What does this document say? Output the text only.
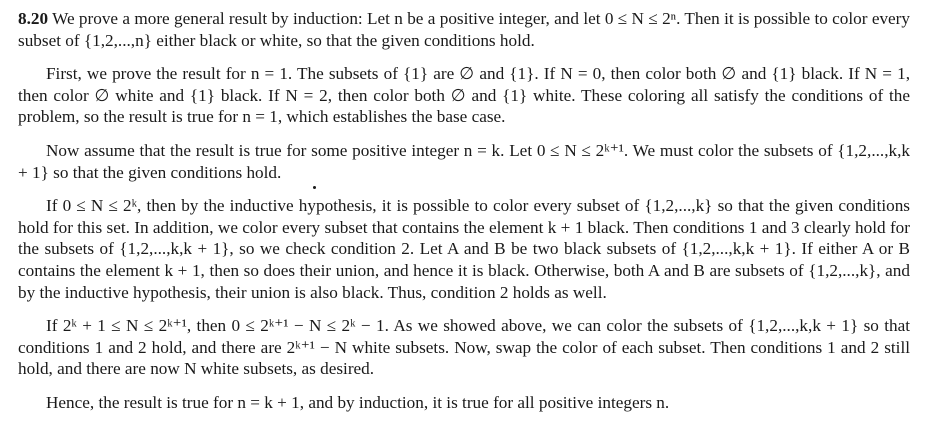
8.20 We prove a more general result by induction: Let n be a positive integer, and let 0 ≤ N ≤ 2ⁿ. Then it is possible to color every subset of {1,2,...,n} either black or white, so that the given conditions hold.

First, we prove the result for n = 1. The subsets of {1} are ∅ and {1}. If N = 0, then color both ∅ and {1} black. If N = 1, then color ∅ white and {1} black. If N = 2, then color both ∅ and {1} white. These coloring all satisfy the conditions of the problem, so the result is true for n = 1, which establishes the base case.

Now assume that the result is true for some positive integer n = k. Let 0 ≤ N ≤ 2ᵏ⁺¹. We must color the subsets of {1,2,...,k,k + 1} so that the given conditions hold.

If 0 ≤ N ≤ 2ᵏ, then by the inductive hypothesis, it is possible to color every subset of {1,2,...,k} so that the given conditions hold for this set. In addition, we color every subset that contains the element k + 1 black. Then conditions 1 and 3 clearly hold for the subsets of {1,2,...,k,k + 1}, so we check condition 2. Let A and B be two black subsets of {1,2,...,k,k + 1}. If either A or B contains the element k + 1, then so does their union, and hence it is black. Otherwise, both A and B are subsets of {1,2,...,k}, and by the inductive hypothesis, their union is also black. Thus, condition 2 holds as well.

If 2ᵏ + 1 ≤ N ≤ 2ᵏ⁺¹, then 0 ≤ 2ᵏ⁺¹ − N ≤ 2ᵏ − 1. As we showed above, we can color the subsets of {1,2,...,k,k + 1} so that conditions 1 and 2 hold, and there are 2ᵏ⁺¹ − N white subsets. Now, swap the color of each subset. Then conditions 1 and 2 still hold, and there are now N white subsets, as desired.

Hence, the result is true for n = k + 1, and by induction, it is true for all positive integers n.
